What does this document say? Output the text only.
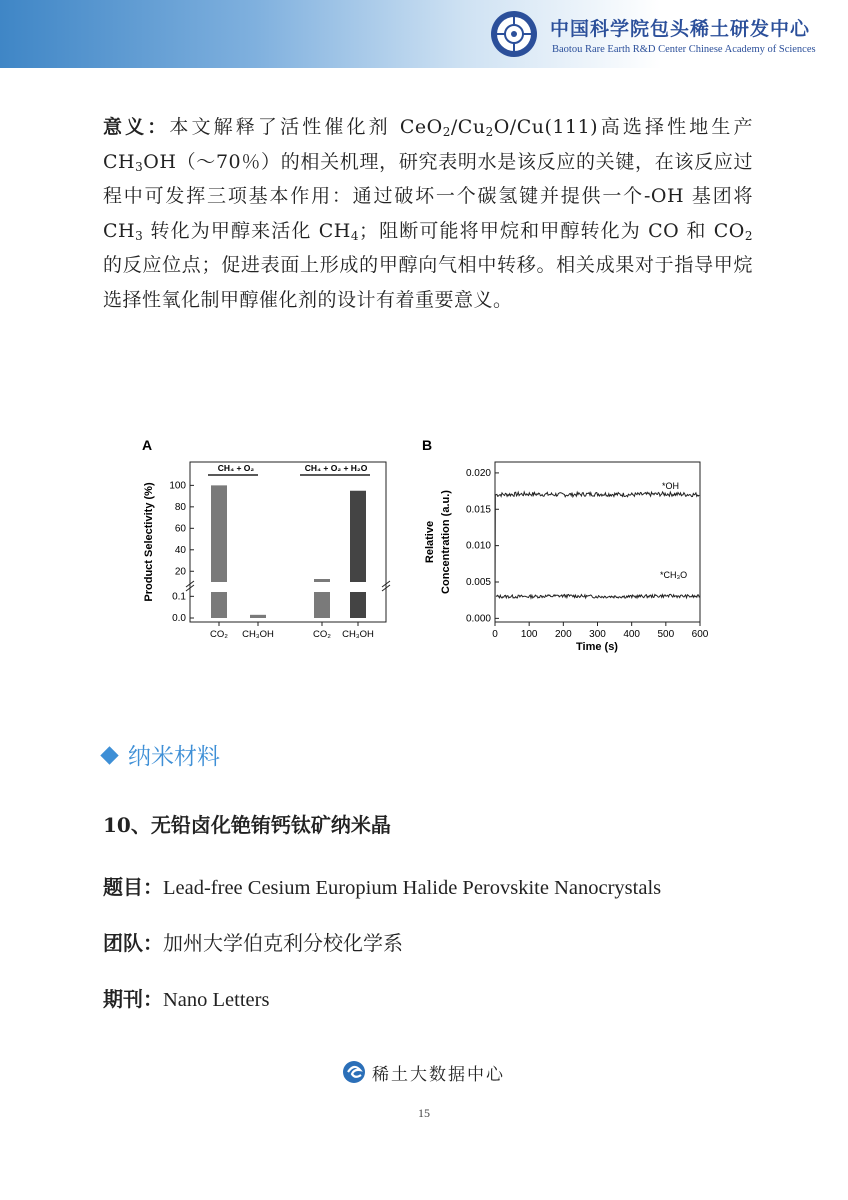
中国科学院包头稀土研发中心
Baotou Rare Earth R&D Center Chinese Academy of Sciences
意义：本文解释了活性催化剂 $CeO_2/Cu_2O/Cu(111)$高选择性地生产 $CH_3OH(\sim 70$％）的相关机理，研究表明水是该反应的关键，在该反应过程中可发挥三项基本作用：通过破坏一个碳氢键并提供一个-OH 基团将 $CH_3$ 转化为甲醇来活化 $CH_4$；阻断可能将甲烷和甲醇转化为 CO 和 $CO_2$ 的反应位点；促进表面上形成的甲醇向气相中转移。相关成果对于指导甲烷选择性氧化制甲醇催化剂的设计有着重要意义。
A
Product Selectivity (%) 100
80
60
40
20
0.1
0.0
CO₂ CH₃OH	CO₂ CH₃OH
CH₄ + O₂	CH₄ + O₂ + H₂O
B
Relative Concentration (a.u.)
0.020
0.015
0.010
0.005
0.000
0 100 200 300 400 500 600
*OH
*CH₃O
Time (s)
纳米材料
10、无铅卤化铯铕钙钛矿纳米晶
题目：Lead-free Cesium Europium Halide Perovskite Nanocrystals
团队：加州大学伯克利分校化学系
期刊：Nano Letters
稀土大数据中心
15
